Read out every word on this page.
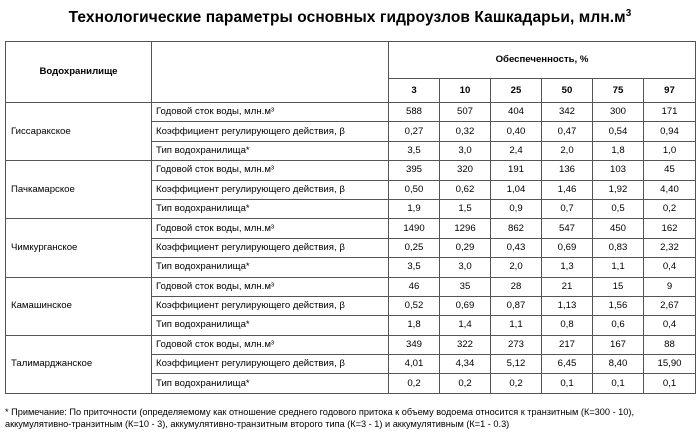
Технологические параметры основных гидроузлов Кашкадарьи, $млн.м^3$
Водохранилище		Обеспеченность, %					
		3	10	25	50	75	97
Гиссаракское	Годовой сток воды, млн.м³	588	507	404	342	300	171
	Коэффициент регулирующего действия, β	0,27	0,32	0,40	0,47	0,54	0,94
	Тип водохранилища*	3,5	3,0	2,4	2,0	1,8	1,0
Пачкамарское	Годовой сток воды, млн.м³	395	320	191	136	103	45
	Коэффициент регулирующего действия, β	0,50	0,62	1,04	1,46	1,92	4,40
	Тип водохранилища*	1,9	1,5	0,9	0,7	0,5	0,2
Чимкурганское	Годовой сток воды, млн.м³	1490	1296	862	547	450	162
	Коэффициент регулирующего действия, β	0,25	0,29	0,43	0,69	0,83	2,32
	Тип водохранилища*	3,5	3,0	2,0	1,3	1,1	0,4
Камашинское	Годовой сток воды, млн.м³	46	35	28	21	15	9
	Коэффициент регулирующего действия, β	0,52	0,69	0,87	1,13	1,56	2,67
	Тип водохранилища*	1,8	1,4	1,1	0,8	0,6	0,4
Талимарджанское	Годовой сток воды, млн.м³	349	322	273	217	167	88
	Коэффициент регулирующего действия, β	4,01	4,34	5,12	6,45	8,40	15,90
	Тип водохранилища*	0,2	0,2	0,2	0,1	0,1	0,1
* Примечание: По приточности (определяемому как отношение среднего годового притока к объему водоема относится к транзитным (К=300 - 10), аккумулятивно-транзитным (К=10 - 3), аккумулятивно-транзитным второго типа (К=3 - 1) и аккумулятивным (К=1 - 0.3)
